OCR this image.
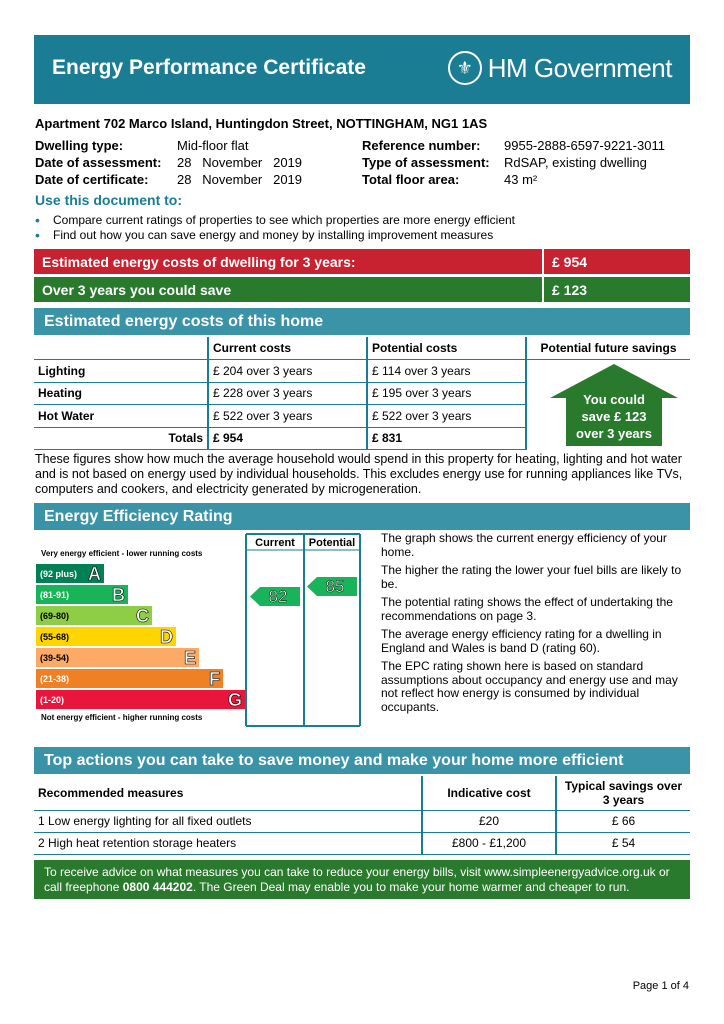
Energy Performance Certificate	⚜ HM Government
Apartment 702 Marco Island, Huntingdon Street, NOTTINGHAM, NG1 1AS
Dwelling type:	Mid-floor flat
Date of assessment:	28   November   2019
Date of certificate:	28   November   2019
Reference number:	9955-2888-6597-9221-3011
Type of assessment:	RdSAP, existing dwelling
Total floor area:	43 m²
Use this document to:
•	Compare current ratings of properties to see which properties are more energy efficient
•	Find out how you can save energy and money by installing improvement measures
Estimated energy costs of dwelling for 3 years:	£ 954
Over 3 years you could save	£ 123
Estimated energy costs of this home
	Current costs	Potential costs	Potential future savings
Lighting	£ 204 over 3 years	£ 114 over 3 years	
Heating	£ 228 over 3 years	£ 195 over 3 years	
Hot Water	£ 522 over 3 years	£ 522 over 3 years	
Totals	£ 954	£ 831	
You could
save £ 123
over 3 years
These figures show how much the average household would spend in this property for heating, lighting and hot water and is not based on energy used by individual households. This excludes energy use for running appliances like TVs, computers and cookers, and electricity generated by microgeneration.
Energy Efficiency Rating
Current Potential
Very energy efficient - lower running costs
Not energy efficient - higher running costs
(92 plus) A
(81-91) B
(69-80)	C
(55-68)	D
(39-54)	E
(21-38)	F
(1-20)	G
82
85

The graph shows the current energy efficiency of your home.

The higher the rating the lower your fuel bills are likely to be.

The potential rating shows the effect of undertaking the recommendations on page 3.

The average energy efficiency rating for a dwelling in England and Wales is band D (rating 60).

The EPC rating shown here is based on standard assumptions about occupancy and energy use and may not reflect how energy is consumed by individual occupants.

Top actions you can take to save money and make your home more efficient
Recommended measures	Indicative cost	Typical savings over 3 years
1 Low energy lighting for all fixed outlets	£20	£ 66
2 High heat retention storage heaters	£800 - £1,200	£ 54
To receive advice on what measures you can take to reduce your energy bills, visit www.simpleenergyadvice.org.uk or call freephone 0800 444202. The Green Deal may enable you to make your home warmer and cheaper to run.
Page 1 of 4
